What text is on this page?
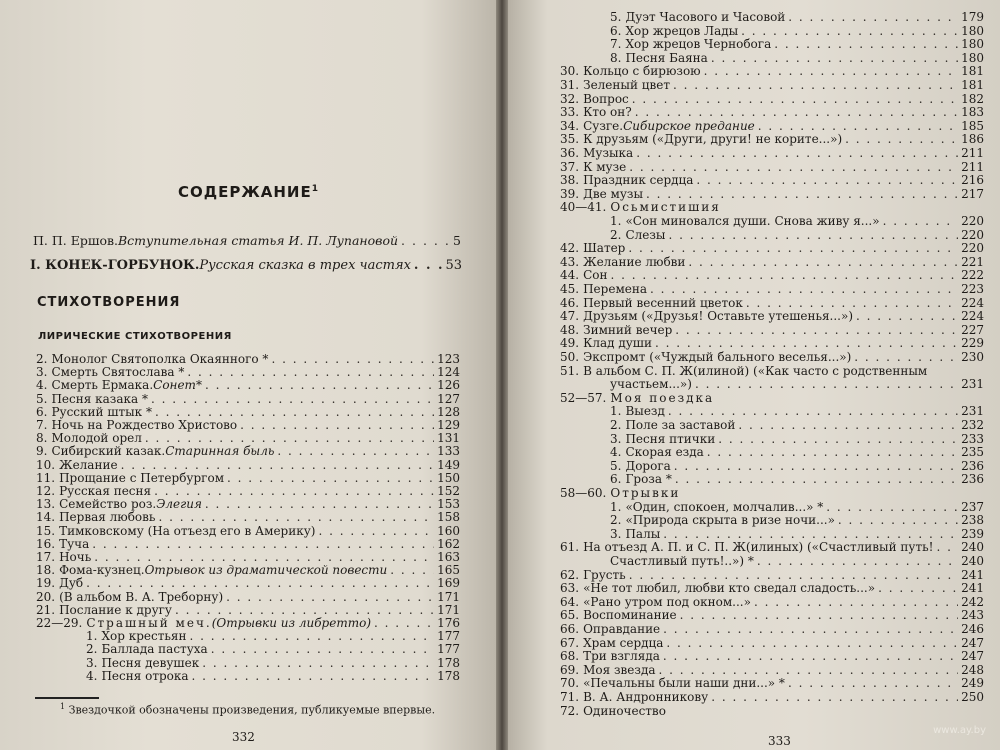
СОДЕРЖАНИЕ$^1$
П. П. Ершов. Вступительная статья И. П. Лупановой . . .	5
I. КОНЕК-ГОРБУНОК. Русская сказка в трех частях . . .	53
СТИХОТВОРЕНИЯ
ЛИРИЧЕСКИЕ СТИХОТВОРЕНИЯ
2. Монолог Святополка Окаянного * . . .	123
3. Смерть Святослава * . . .	124
4. Смерть Ермака. Сонет * . . .	126
5. Песня казака * . . .	127
6. Русский штык * . . .	128
7. Ночь на Рождество Христово . . .	129
8. Молодой орел . . .	131
9. Сибирский казак. Старинная быль . . .	133
10. Желание . . .	149
11. Прощание с Петербургом . . .	150
12. Русская песня . . .	152
13. Семейство роз. Элегия . . .	153
14. Первая любовь . . .	158
15. Тимковскому (На отъезд его в Америку) . . .	160
16. Туча . . .	162
17. Ночь . . .	163
18. Фома-кузнец. Отрывок из драматической повести . . .	165
19. Дуб . . .	169
20. (В альбом В. А. Треборну) . . .	171
21. Послание к другу . . .	171
22—29. Страшный меч. (Отрывки из либретто) . . .	176
1. Хор крестьян . . .	177
2. Баллада пастуха . . .	177
3. Песня девушек . . .	178
4. Песня отрока . . .	178
$^1$ Звездочкой обозначены произведения, публикуемые впервые.
332
5. Дуэт Часового и Часовой . . .	179
6. Хор жрецов Лады . . .	180
7. Хор жрецов Чернобога . . .	180
8. Песня Баяна . . .	180
30. Кольцо с бирюзою . . .	181
31. Зеленый цвет . . .	181
32. Вопрос . . .	182
33. Кто он? . . .	183
34. Сузге. Сибирское предание . . .	185
35. К друзьям («Други, други! не корите...») . . .	186
36. Музыка . . .	211
37. К музе . . .	211
38. Праздник сердца . . .	216
39. Две музы . . .	217
40—41. Осьмистишия
1. «Сон миновался души. Снова живу я...» . . .	220
2. Слезы . . .	220
42. Шатер . . .	220
43. Желание любви . . .	221
44. Сон . . .	222
45. Перемена . . .	223
46. Первый весенний цветок . . .	224
47. Друзьям («Друзья! Оставьте утешенья...») . . .	224
48. Зимний вечер . . .	227
49. Клад души . . .	229
50. Экспромт («Чуждый бального веселья...») . . .	230
51. В альбом С. П. Ж(илиной) («Как часто с родственным
участьем...») . . .	231
52—57. Моя поездка
1. Выезд . . .	231
2. Поле за заставой . . .	232
3. Песня птички . . .	233
4. Скорая езда . . .	235
5. Дорога . . .	236
6. Гроза * . . .	236
58—60. Отрывки
1. «Один, спокоен, молчалив...» * . . .	237
2. «Природа скрыта в ризе ночи...» . . .	238
3. Палы . . .	239
61. На отъезд А. П. и С. П. Ж(илиных) («Счастливый путь! . . . 240
Счастливый путь!..») * . . .	240
62. Грусть . . .	241
63. «Не тот любил, любви кто сведал сладость...» . . .	241
64. «Рано утром под окном...» . . .	242
65. Воспоминание . . .	243
66. Оправдание . . .	246
67. Храм сердца . . .	247
68. Три взгляда . . .	247
69. Моя звезда . . .	248
70. «Печальны были наши дни...» * . . .	249
71. В. А. Андронникову . . .	250
72. Одиночество
333
www.ay.by
